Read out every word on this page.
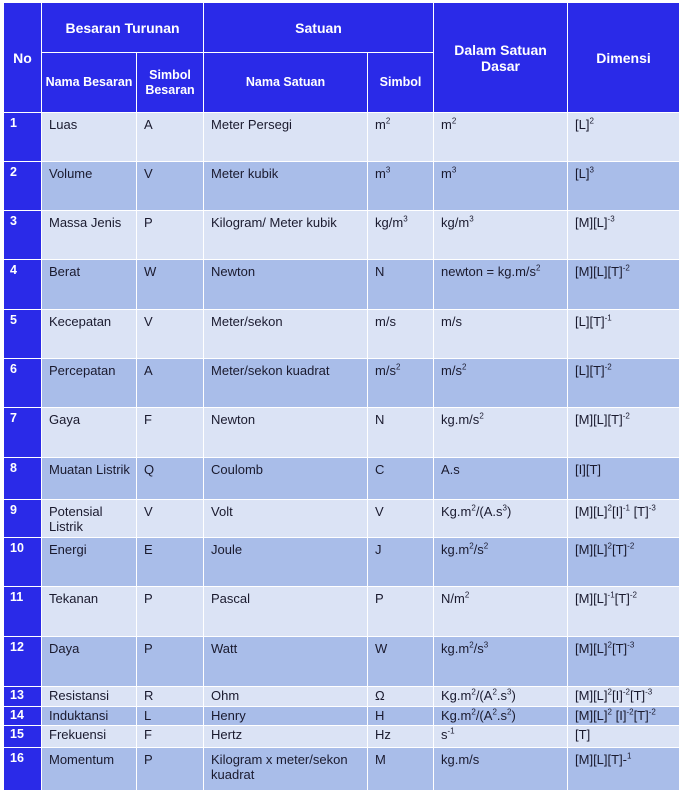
No	Besaran Turunan		Satuan		Dalam Satuan Dasar	Dimensi
	Nama Besaran	Simbol Besaran	Nama Satuan	Simbol		
1	Luas	A	Meter Persegi	$m^2$	$m^2$	$[L]^2$
2	Volume	V	Meter kubik	$m^3$	$m^3$	$[L]^3$
3	Massa Jenis	P	Kilogram/ Meter kubik	$kg/m^3$	$kg/m^3$	$[M][L]^{-3}$
4	Berat	W	Newton	N	newton = $kg.m/s^2$	$[M][L][T]^{-2}$
5	Kecepatan	V	Meter/sekon	m/s	m/s	$[L][T]^{-1}$
6	Percepatan	A	Meter/sekon kuadrat	$m/s^2$	$m/s^2$	$[L][T]^{-2}$
7	Gaya	F	Newton	N	$kg.m/s^2$	$[M][L][T]^{-2}$
8	Muatan Listrik	Q	Coulomb	C	A.s	[I][T]
9	Potensial Listrik	V	Volt	V	$Kg.m^2/(A.s^3)$	$[M][L]^2[I]^{-1}$ $[T]^{-3}$
10	Energi	E	Joule	J	$kg.m^2/s^2$	$[M][L]^2[T]^{-2}$
11	Tekanan	P	Pascal	P	$N/m^2$	$[M][L]^{-1}[T]^{-2}$
12	Daya	P	Watt	W	$kg.m^2/s^3$	$[M][L]^2[T]^{-3}$
13	Resistansi	R	Ohm	Ω	$Kg.m^2/(A^2.s^3)$	$[M][L]^2[I]^{-2}[T]^{-3}$
14	Induktansi	L	Henry	H	$Kg.m^2/(A^2.s^2)$	$[M][L]^2$ $[I]^{-2}[T]^{-2}$
15	Frekuensi	F	Hertz	Hz	$s^{-1}$	[T]
16	Momentum	P	Kilogram x meter/sekon kuadrat	M	kg.m/s	[M][L][T]-$^1$
